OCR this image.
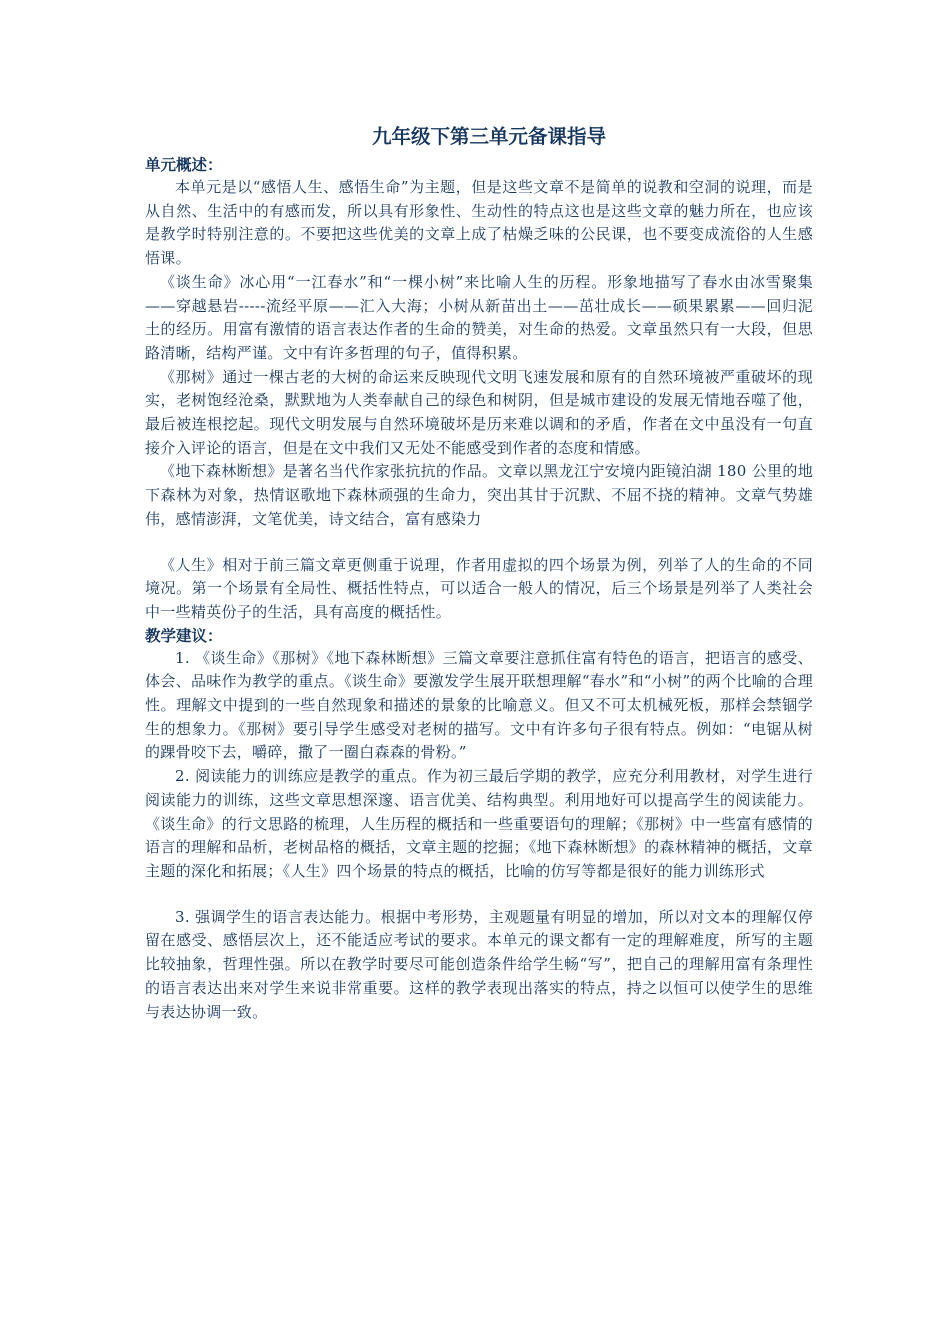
九年级下第三单元备课指导
单元概述：

本单元是以“感悟人生、感悟生命”为主题，但是这些文章不是简单的说教和空洞的说理，而是从自然、生活中的有感而发，所以具有形象性、生动性的特点这也是这些文章的魅力所在，也应该是教学时特别注意的。不要把这些优美的文章上成了枯燥乏味的公民课，也不要变成流俗的人生感悟课。

《谈生命》冰心用“一江春水”和“一棵小树”来比喻人生的历程。形象地描写了春水由冰雪聚集——穿越悬岩-----流经平原——汇入大海；小树从新苗出土——茁壮成长——硕果累累——回归泥土的经历。用富有激情的语言表达作者的生命的赞美，对生命的热爱。文章虽然只有一大段，但思路清晰，结构严谨。文中有许多哲理的句子，值得积累。

《那树》通过一棵古老的大树的命运来反映现代文明飞速发展和原有的自然环境被严重破坏的现实，老树饱经沧桑，默默地为人类奉献自己的绿色和树阴，但是城市建设的发展无情地吞噬了他，最后被连根挖起。现代文明发展与自然环境破坏是历来难以调和的矛盾，作者在文中虽没有一句直接介入评论的语言，但是在文中我们又无处不能感受到作者的态度和情感。

《地下森林断想》是著名当代作家张抗抗的作品。文章以黑龙江宁安境内距镜泊湖 180 公里的地下森林为对象，热情讴歌地下森林顽强的生命力，突出其甘于沉默、不屈不挠的精神。文章气势雄伟，感情澎湃，文笔优美，诗文结合，富有感染力

《人生》相对于前三篇文章更侧重于说理，作者用虚拟的四个场景为例，列举了人的生命的不同境况。第一个场景有全局性、概括性特点，可以适合一般人的情况，后三个场景是列举了人类社会中一些精英份子的生活，具有高度的概括性。

教学建议：

1. 《谈生命》《那树》《地下森林断想》三篇文章要注意抓住富有特色的语言，把语言的感受、体会、品味作为教学的重点。《谈生命》要激发学生展开联想理解“春水”和“小树”的两个比喻的合理性。理解文中提到的一些自然现象和描述的景象的比喻意义。但又不可太机械死板，那样会禁锢学生的想象力。《那树》要引导学生感受对老树的描写。文中有许多句子很有特点。例如：“电锯从树的踝骨咬下去，嚼碎，撒了一圈白森森的骨粉。”

2. 阅读能力的训练应是教学的重点。作为初三最后学期的教学，应充分利用教材，对学生进行阅读能力的训练，这些文章思想深邃、语言优美、结构典型。利用地好可以提高学生的阅读能力。《谈生命》的行文思路的梳理，人生历程的概括和一些重要语句的理解；《那树》中一些富有感情的语言的理解和品析，老树品格的概括，文章主题的挖掘；《地下森林断想》的森林精神的概括，文章主题的深化和拓展；《人生》四个场景的特点的概括，比喻的仿写等都是很好的能力训练形式

3. 强调学生的语言表达能力。根据中考形势，主观题量有明显的增加，所以对文本的理解仅停留在感受、感悟层次上，还不能适应考试的要求。本单元的课文都有一定的理解难度，所写的主题比较抽象，哲理性强。所以在教学时要尽可能创造条件给学生畅“写”，把自己的理解用富有条理性的语言表达出来对学生来说非常重要。这样的教学表现出落实的特点，持之以恒可以使学生的思维与表达协调一致。
